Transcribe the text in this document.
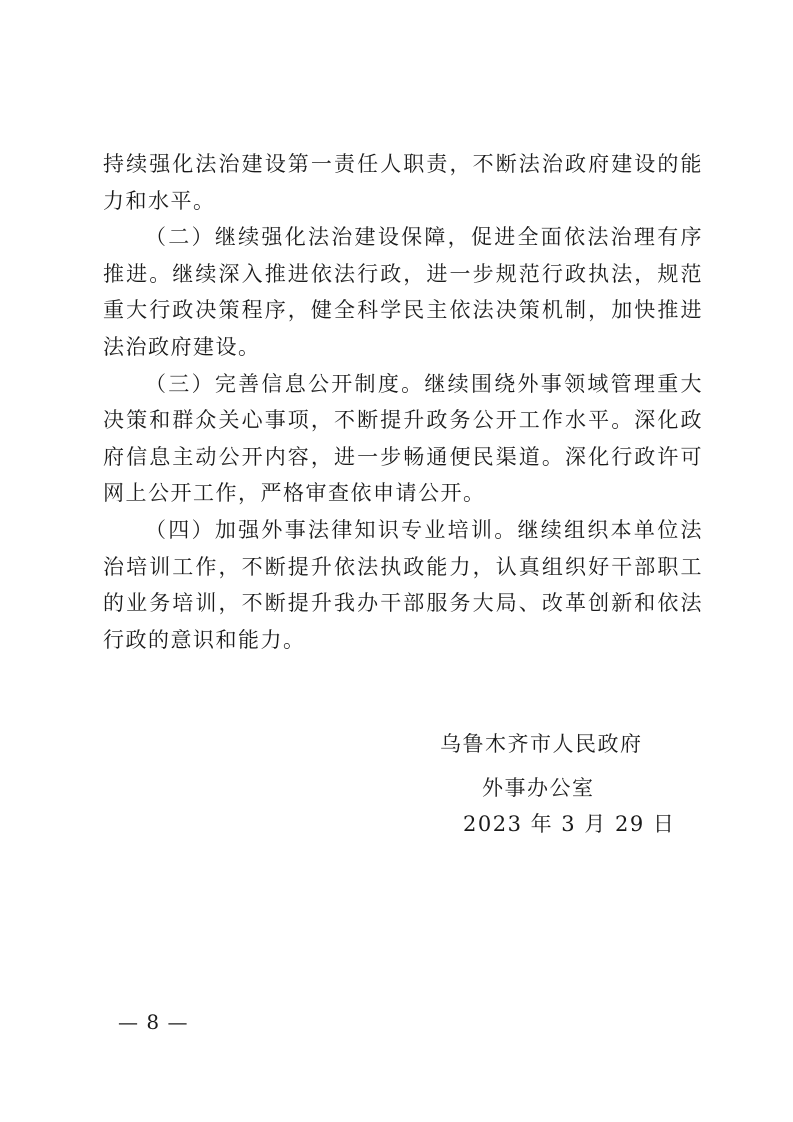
持续强化法治建设第一责任人职责，不断法治政府建设的能力和水平。

（二）继续强化法治建设保障，促进全面依法治理有序推进。继续深入推进依法行政，进一步规范行政执法，规范重大行政决策程序，健全科学民主依法决策机制，加快推进法治政府建设。

（三）完善信息公开制度。继续围绕外事领域管理重大决策和群众关心事项，不断提升政务公开工作水平。深化政府信息主动公开内容，进一步畅通便民渠道。深化行政许可网上公开工作，严格审查依申请公开。

（四）加强外事法律知识专业培训。继续组织本单位法治培训工作，不断提升依法执政能力，认真组织好干部职工的业务培训，不断提升我办干部服务大局、改革创新和依法行政的意识和能力。

乌鲁木齐市人民政府
外事办公室
2023 年 3 月 29 日
— 8 —
